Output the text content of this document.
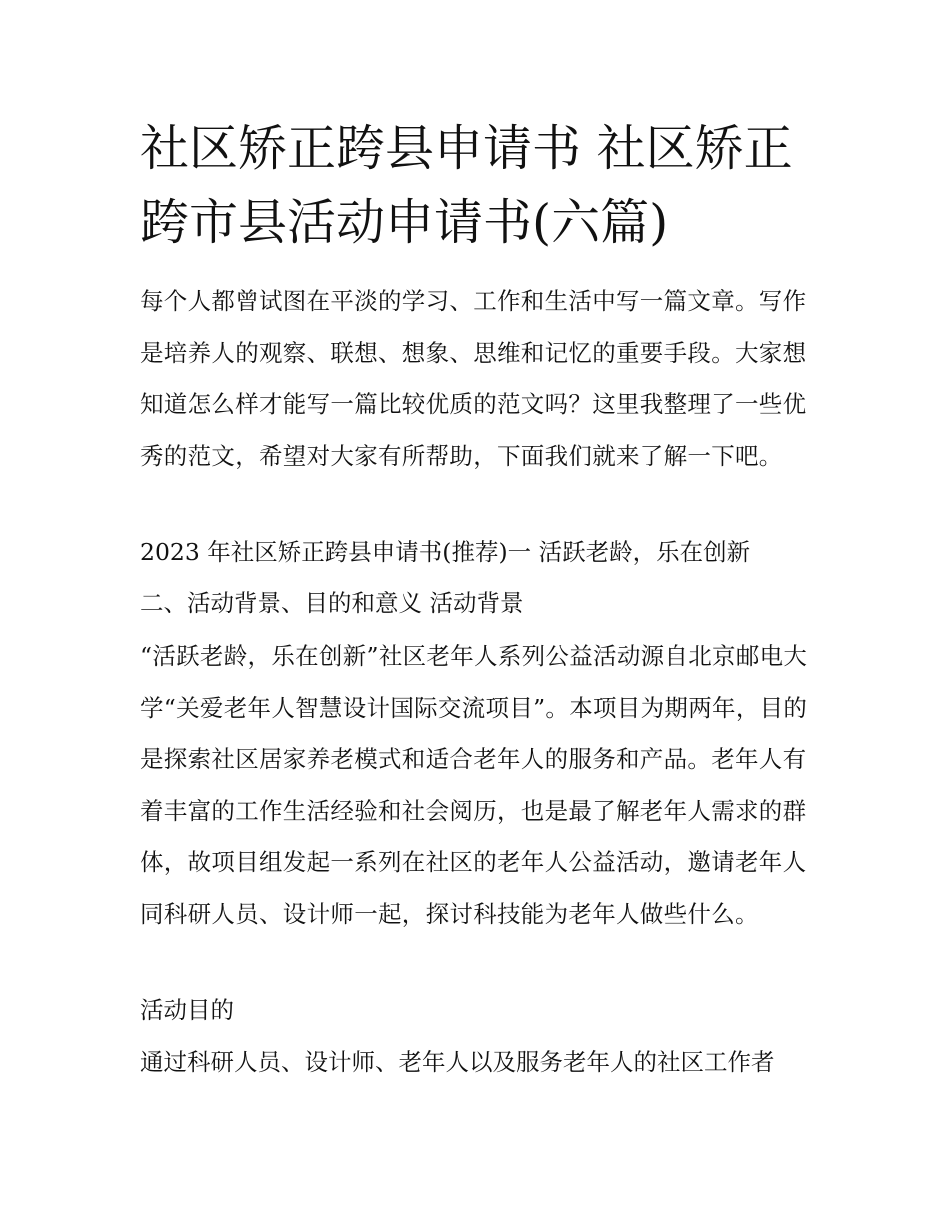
社区矫正跨县申请书 社区矫正跨市县活动申请书(六篇)

每个人都曾试图在平淡的学习、工作和生活中写一篇文章。写作是培养人的观察、联想、想象、思维和记忆的重要手段。大家想知道怎么样才能写一篇比较优质的范文吗？这里我整理了一些优秀的范文，希望对大家有所帮助，下面我们就来了解一下吧。

2023 年社区矫正跨县申请书(推荐)一 活跃老龄，乐在创新

二、活动背景、目的和意义 活动背景

“活跃老龄，乐在创新”社区老年人系列公益活动源自北京邮电大学“关爱老年人智慧设计国际交流项目”。本项目为期两年，目的是探索社区居家养老模式和适合老年人的服务和产品。老年人有着丰富的工作生活经验和社会阅历，也是最了解老年人需求的群体，故项目组发起一系列在社区的老年人公益活动，邀请老年人同科研人员、设计师一起，探讨科技能为老年人做些什么。

活动目的

通过科研人员、设计师、老年人以及服务老年人的社区工作者
